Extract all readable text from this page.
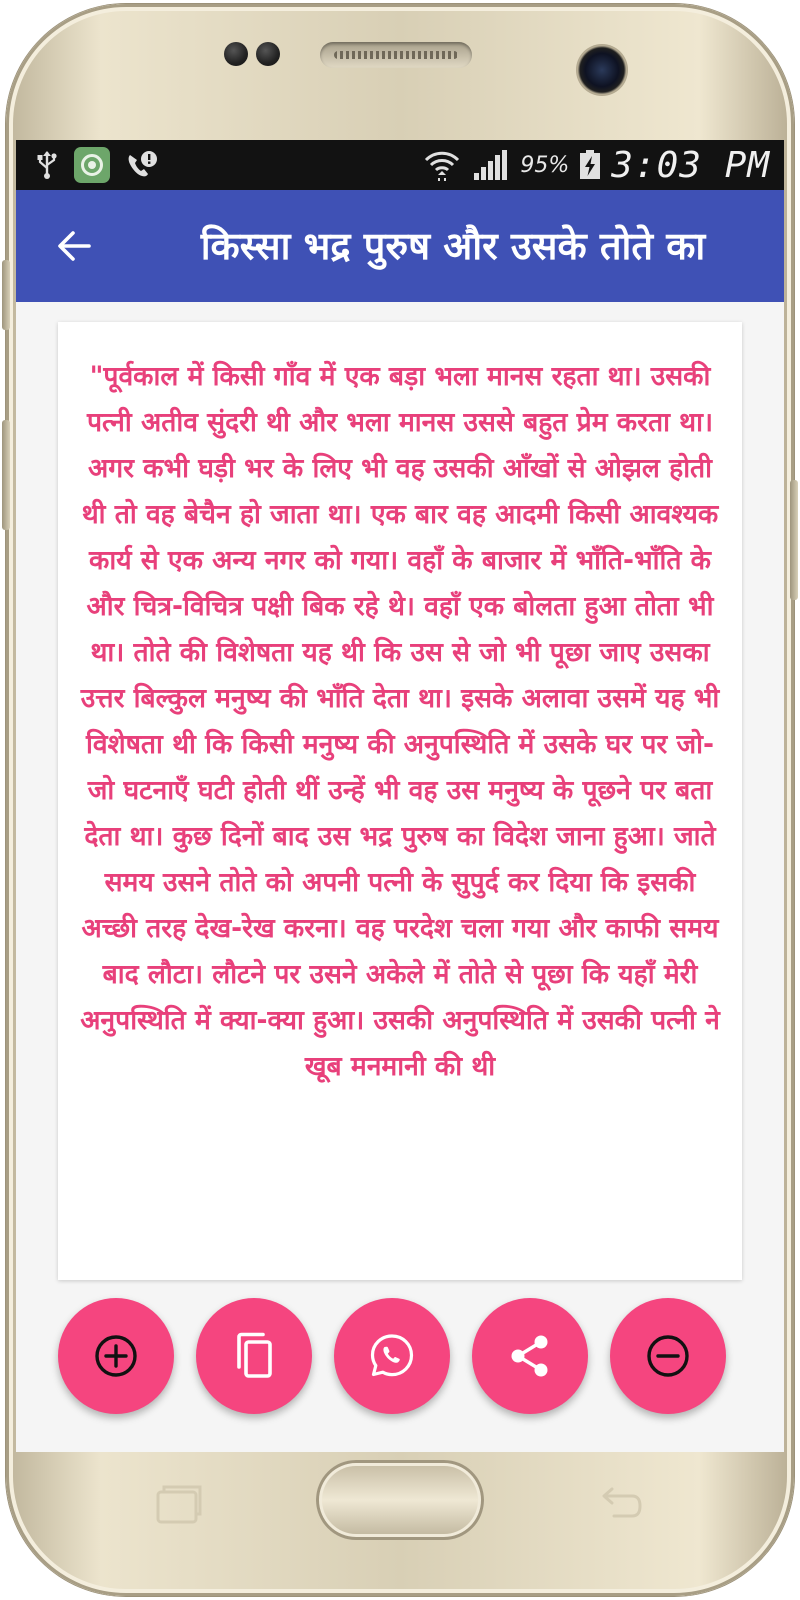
95% 3:03 PM
किस्सा भद्र पुरुष और उसके तोते का

"पूर्वकाल में किसी गाँव में एक बड़ा भला मानस रहता था। उसकी पत्नी अतीव सुंदरी थी और भला मानस उससे बहुत प्रेम करता था। अगर कभी घड़ी भर के लिए भी वह उसकी आँखों से ओझल होती थी तो वह बेचैन हो जाता था। एक बार वह आदमी किसी आवश्यक कार्य से एक अन्य नगर को गया। वहाँ के बाजार में भाँति-भाँति के और चित्र-विचित्र पक्षी बिक रहे थे। वहाँ एक बोलता हुआ तोता भी था। तोते की विशेषता यह थी कि उस से जो भी पूछा जाए उसका उत्तर बिल्कुल मनुष्य की भाँति देता था। इसके अलावा उसमें यह भी विशेषता थी कि किसी मनुष्य की अनुपस्थिति में उसके घर पर जो-जो घटनाएँ घटी होती थीं उन्हें भी वह उस मनुष्य के पूछने पर बता देता था। कुछ दिनों बाद उस भद्र पुरुष का विदेश जाना हुआ। जाते समय उसने तोते को अपनी पत्नी के सुपुर्द कर दिया कि इसकी अच्छी तरह देख-रेख करना। वह परदेश चला गया और काफी समय बाद लौटा। लौटने पर उसने अकेले में तोते से पूछा कि यहाँ मेरी अनुपस्थिति में क्या-क्या हुआ। उसकी अनुपस्थिति में उसकी पत्नी ने खूब मनमानी की थी
